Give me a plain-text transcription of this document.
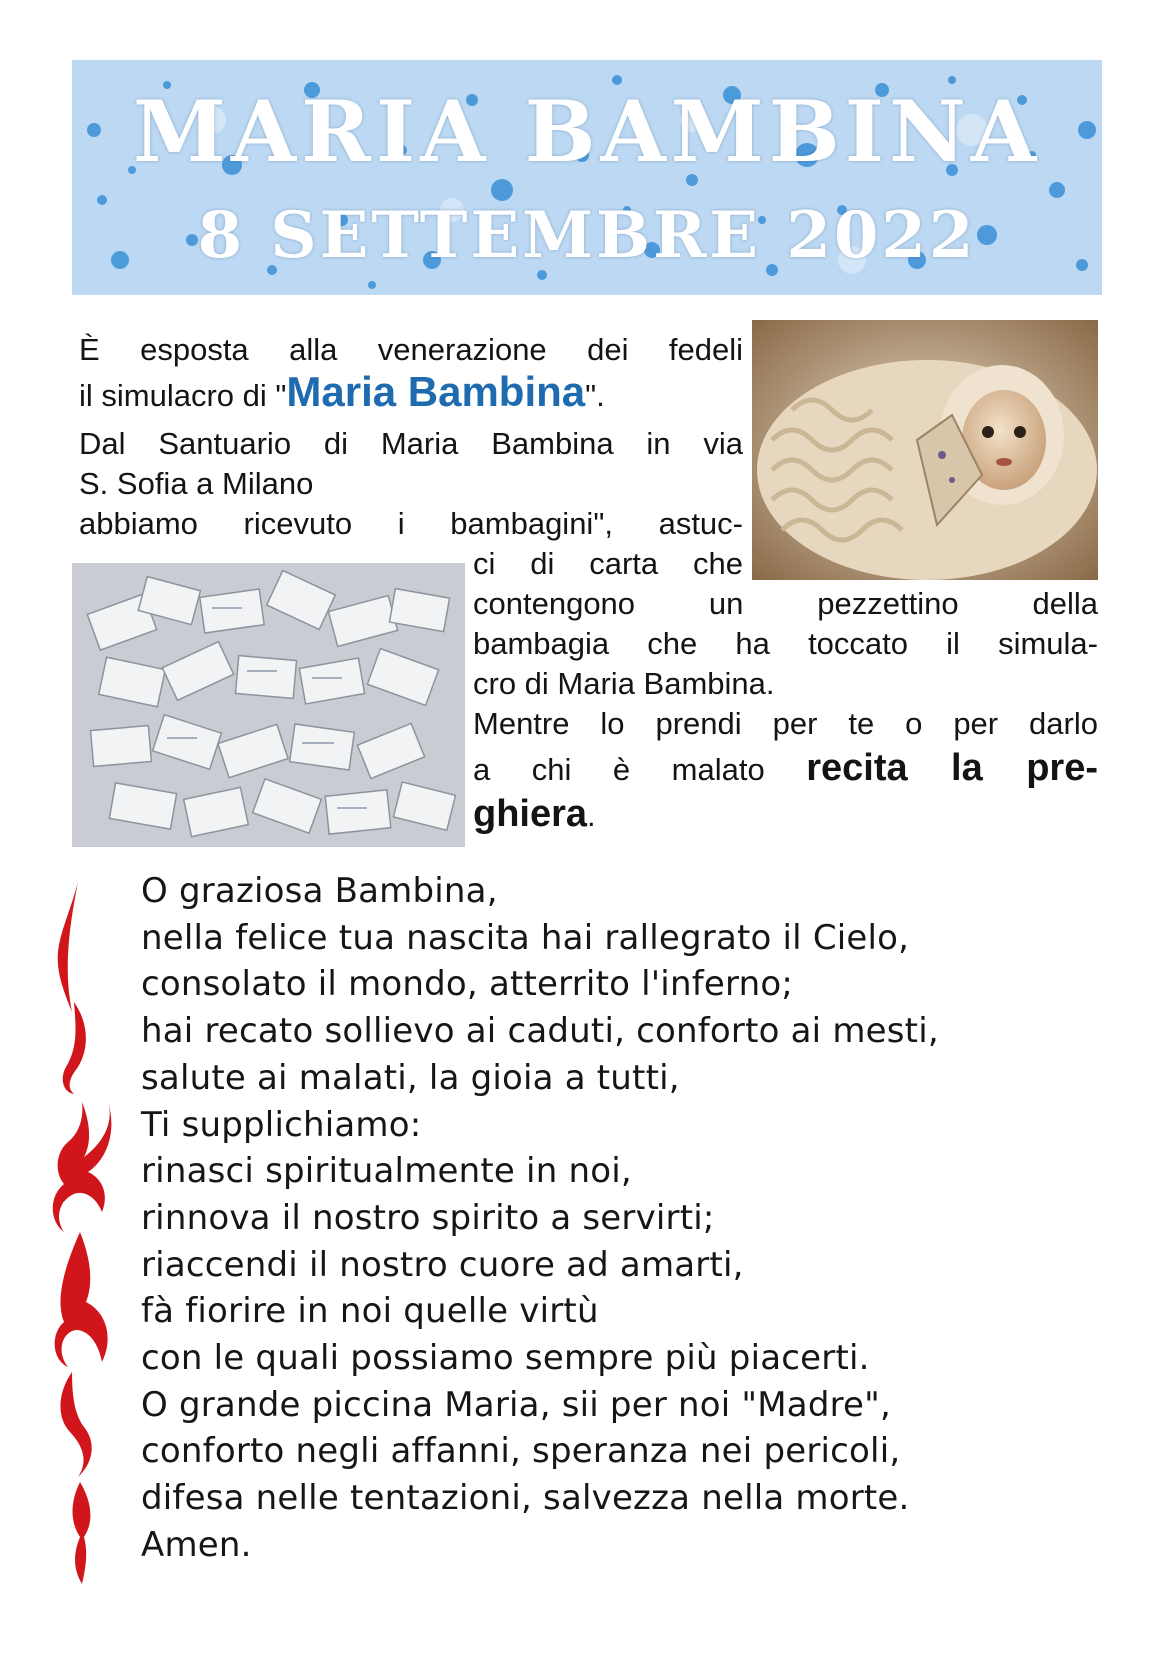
MARIA BAMBINA
8 SETTEMBRE 2022
È esposta alla venerazione dei fedeli
il simulacro di "Maria Bambina".
Dal Santuario di Maria Bambina in via
S. Sofia a Milano
abbiamo ricevuto i bambagini", astuc-
ci di carta che
contengono un pezzettino della
bambagia che ha toccato il simula-
cro di Maria Bambina.
Mentre lo prendi per te o per darlo
a chi è malato recita la pre-
ghiera.
O graziosa Bambina,
nella felice tua nascita hai rallegrato il Cielo,
consolato il mondo, atterrito l'inferno;
hai recato sollievo ai caduti, conforto ai mesti,
salute ai malati, la gioia a tutti,
Ti supplichiamo:
rinasci spiritualmente in noi,
rinnova il nostro spirito a servirti;
riaccendi il nostro cuore ad amarti,
fà fiorire in noi quelle virtù
con le quali possiamo sempre più piacerti.
O grande piccina Maria, sii per noi "Madre",
conforto negli affanni, speranza nei pericoli,
difesa nelle tentazioni, salvezza nella morte.
Amen.
